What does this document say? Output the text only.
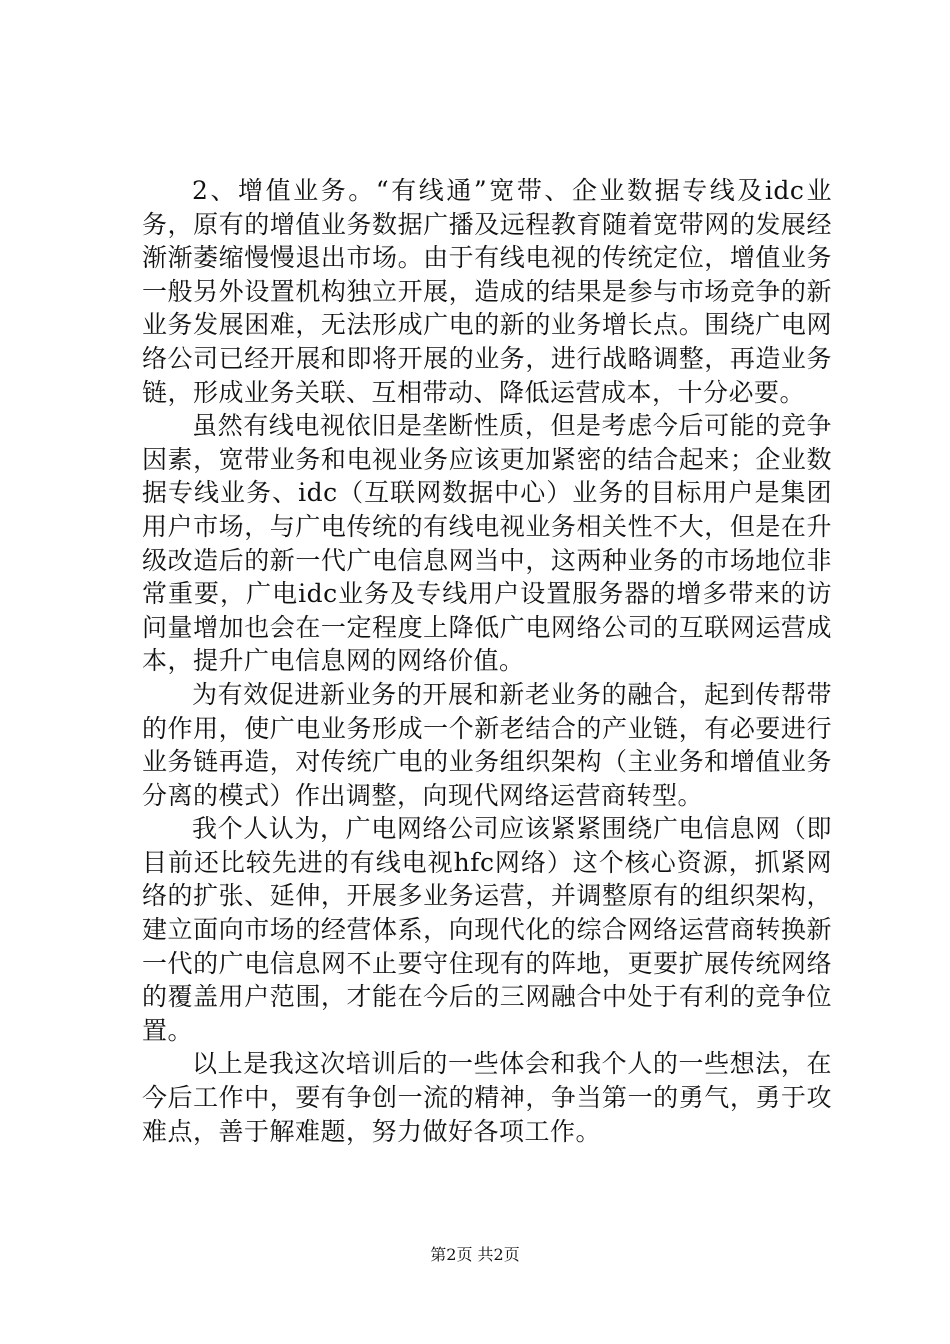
2、增值业务。“有线通”宽带、企业数据专线及idc业务，原有的增值业务数据广播及远程教育随着宽带网的发展经渐渐萎缩慢慢退出市场。由于有线电视的传统定位，增值业务一般另外设置机构独立开展，造成的结果是参与市场竞争的新业务发展困难，无法形成广电的新的业务增长点。围绕广电网络公司已经开展和即将开展的业务，进行战略调整，再造业务链，形成业务关联、互相带动、降低运营成本，十分必要。

虽然有线电视依旧是垄断性质，但是考虑今后可能的竞争因素，宽带业务和电视业务应该更加紧密的结合起来；企业数据专线业务、idc（互联网数据中心）业务的目标用户是集团用户市场，与广电传统的有线电视业务相关性不大，但是在升级改造后的新一代广电信息网当中，这两种业务的市场地位非常重要，广电idc业务及专线用户设置服务器的增多带来的访问量增加也会在一定程度上降低广电网络公司的互联网运营成本，提升广电信息网的网络价值。

为有效促进新业务的开展和新老业务的融合，起到传帮带的作用，使广电业务形成一个新老结合的产业链，有必要进行业务链再造，对传统广电的业务组织架构（主业务和增值业务分离的模式）作出调整，向现代网络运营商转型。

我个人认为，广电网络公司应该紧紧围绕广电信息网（即目前还比较先进的有线电视hfc网络）这个核心资源，抓紧网络的扩张、延伸，开展多业务运营，并调整原有的组织架构，建立面向市场的经营体系，向现代化的综合网络运营商转换新一代的广电信息网不止要守住现有的阵地，更要扩展传统网络的覆盖用户范围，才能在今后的三网融合中处于有利的竞争位置。

以上是我这次培训后的一些体会和我个人的一些想法，在今后工作中，要有争创一流的精神，争当第一的勇气，勇于攻难点，善于解难题，努力做好各项工作。

第2页 共2页
